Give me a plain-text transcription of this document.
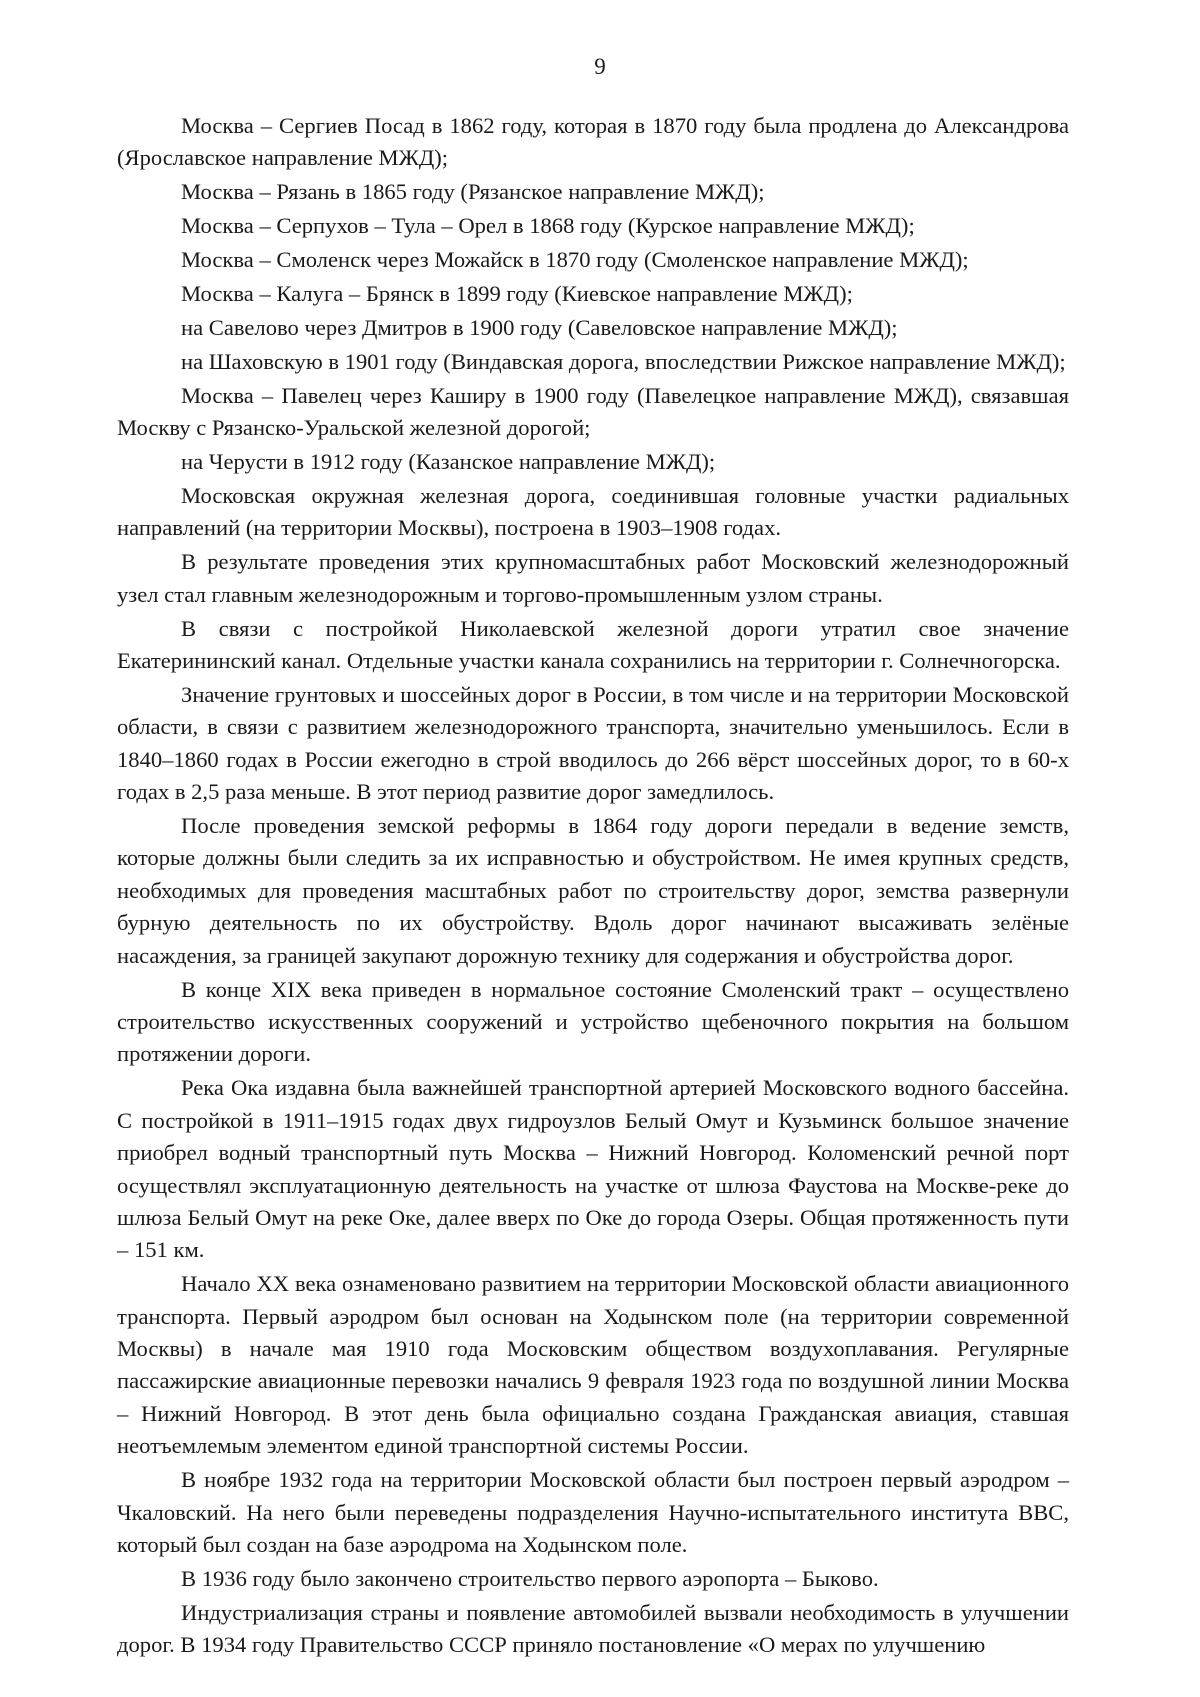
9

Москва – Сергиев Посад в 1862 году, которая в 1870 году была продлена до Александрова (Ярославское направление МЖД);

Москва – Рязань в 1865 году (Рязанское направление МЖД);

Москва – Серпухов – Тула – Орел в 1868 году (Курское направление МЖД);

Москва – Смоленск через Можайск в 1870 году (Смоленское направление МЖД);

Москва – Калуга – Брянск в 1899 году (Киевское направление МЖД);

на Савелово через Дмитров в 1900 году (Савеловское направление МЖД);

на Шаховскую в 1901 году (Виндавская дорога, впоследствии Рижское направление МЖД);

Москва – Павелец через Каширу в 1900 году (Павелецкое направление МЖД), связавшая Москву с Рязанско-Уральской железной дорогой;

на Черусти в 1912 году (Казанское направление МЖД);

Московская окружная железная дорога, соединившая головные участки радиальных направлений (на территории Москвы), построена в 1903–1908 годах.

В результате проведения этих крупномасштабных работ Московский железнодорожный узел стал главным железнодорожным и торгово-промышленным узлом страны.

В связи с постройкой Николаевской железной дороги утратил свое значение Екатерининский канал. Отдельные участки канала сохранились на территории г. Солнечногорска.

Значение грунтовых и шоссейных дорог в России, в том числе и на территории Московской области, в связи с развитием железнодорожного транспорта, значительно уменьшилось. Если в 1840–1860 годах в России ежегодно в строй вводилось до 266 вёрст шоссейных дорог, то в 60-х годах в 2,5 раза меньше. В этот период развитие дорог замедлилось.

После проведения земской реформы в 1864 году дороги передали в ведение земств, которые должны были следить за их исправностью и обустройством. Не имея крупных средств, необходимых для проведения масштабных работ по строительству дорог, земства развернули бурную деятельность по их обустройству. Вдоль дорог начинают высаживать зелёные насаждения, за границей закупают дорожную технику для содержания и обустройства дорог.

В конце XIX века приведен в нормальное состояние Смоленский тракт – осуществлено строительство искусственных сооружений и устройство щебеночного покрытия на большом протяжении дороги.

Река Ока издавна была важнейшей транспортной артерией Московского водного бассейна. С постройкой в 1911–1915 годах двух гидроузлов Белый Омут и Кузьминск большое значение приобрел водный транспортный путь Москва – Нижний Новгород. Коломенский речной порт осуществлял эксплуатационную деятельность на участке от шлюза Фаустова на Москве-реке до шлюза Белый Омут на реке Оке, далее вверх по Оке до города Озеры. Общая протяженность пути – 151 км.

Начало XX века ознаменовано развитием на территории Московской области авиационного транспорта. Первый аэродром был основан на Ходынском поле (на территории современной Москвы) в начале мая 1910 года Московским обществом воздухоплавания. Регулярные пассажирские авиационные перевозки начались 9 февраля 1923 года по воздушной линии Москва – Нижний Новгород. В этот день была официально создана Гражданская авиация, ставшая неотъемлемым элементом единой транспортной системы России.

В ноябре 1932 года на территории Московской области был построен первый аэродром – Чкаловский. На него были переведены подразделения Научно-испытательного института ВВС, который был создан на базе аэродрома на Ходынском поле.

В 1936 году было закончено строительство первого аэропорта – Быково.

Индустриализация страны и появление автомобилей вызвали необходимость в улучшении дорог. В 1934 году Правительство СССР приняло постановление «О мерах по улучшению
